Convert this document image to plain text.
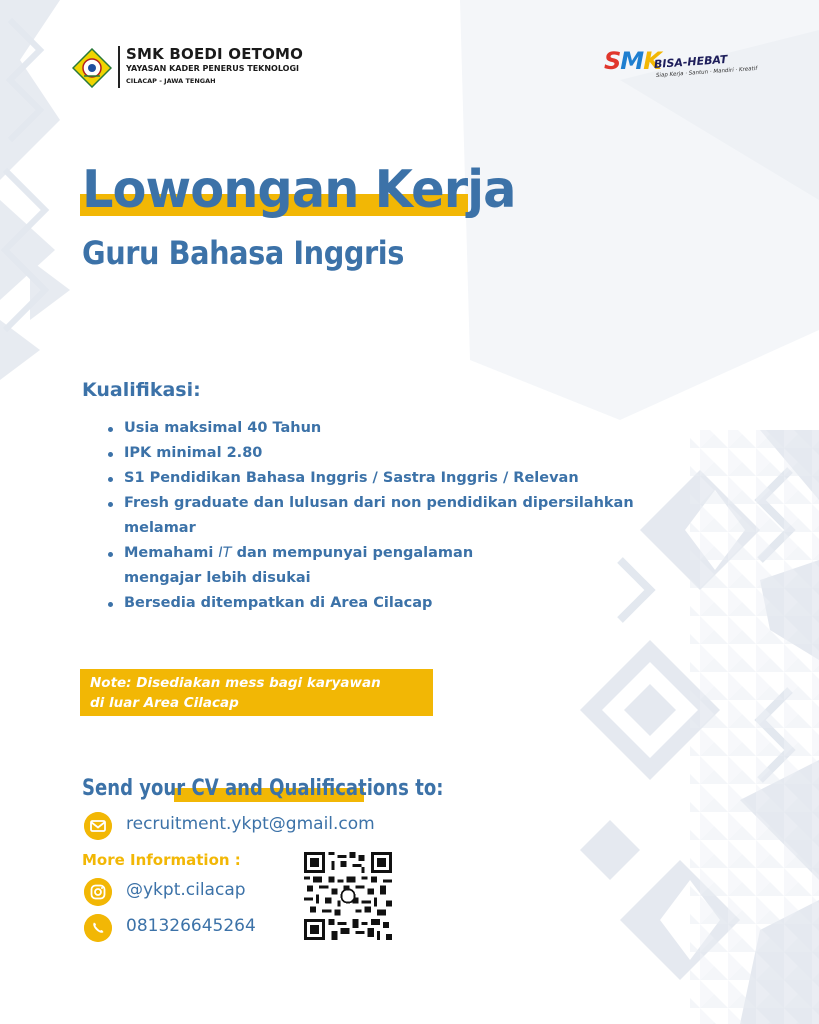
SMK BOEDI OETOMO
YAYASAN KADER PENERUS TEKNOLOGI
CILACAP - JAWA TENGAH
SMK
BISA-HEBAT
Siap Kerja · Santun · Mandiri · Kreatif
Lowongan Kerja
Guru Bahasa Inggris
Kualifikasi:
Usia maksimal 40 Tahun
IPK minimal 2.80
S1 Pendidikan Bahasa Inggris / Sastra Inggris / Relevan
Fresh graduate dan lulusan dari non pendidikan dipersilahkan
melamar
Memahami IT dan mempunyai pengalaman
mengajar lebih disukai
Bersedia ditempatkan di Area Cilacap
Note: Disediakan mess bagi karyawan
di luar Area Cilacap
Send your CV and Qualifications to:
recruitment.ykpt@gmail.com
More Information :
@ykpt.cilacap
081326645264
